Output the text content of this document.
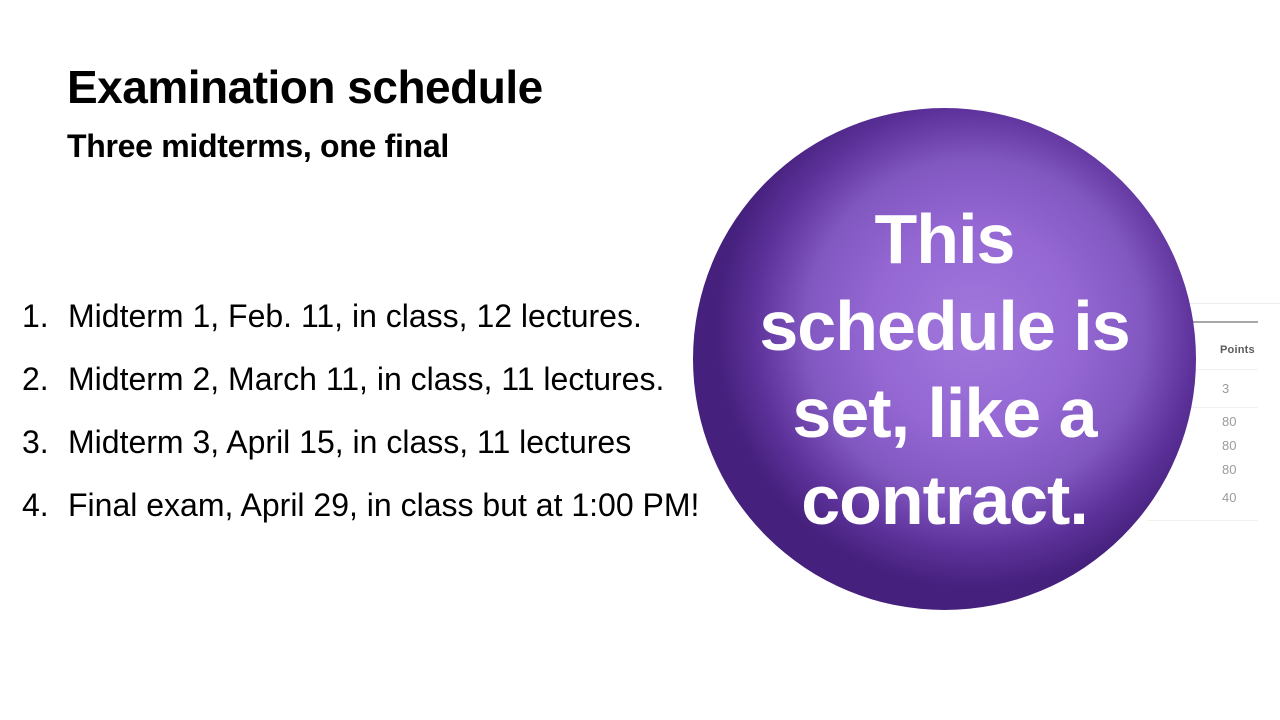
Examination schedule
Three midterms, one final
1. Midterm 1, Feb. 11, in class, 12 lectures.
2. Midterm 2, March 11, in class, 11 lectures.
3. Midterm 3, April 15, in class, 11 lectures
4. Final exam, April 29, in class but at 1:00 PM!
Points
3
80
80
80
40
This
schedule is
set, like a
contract.
